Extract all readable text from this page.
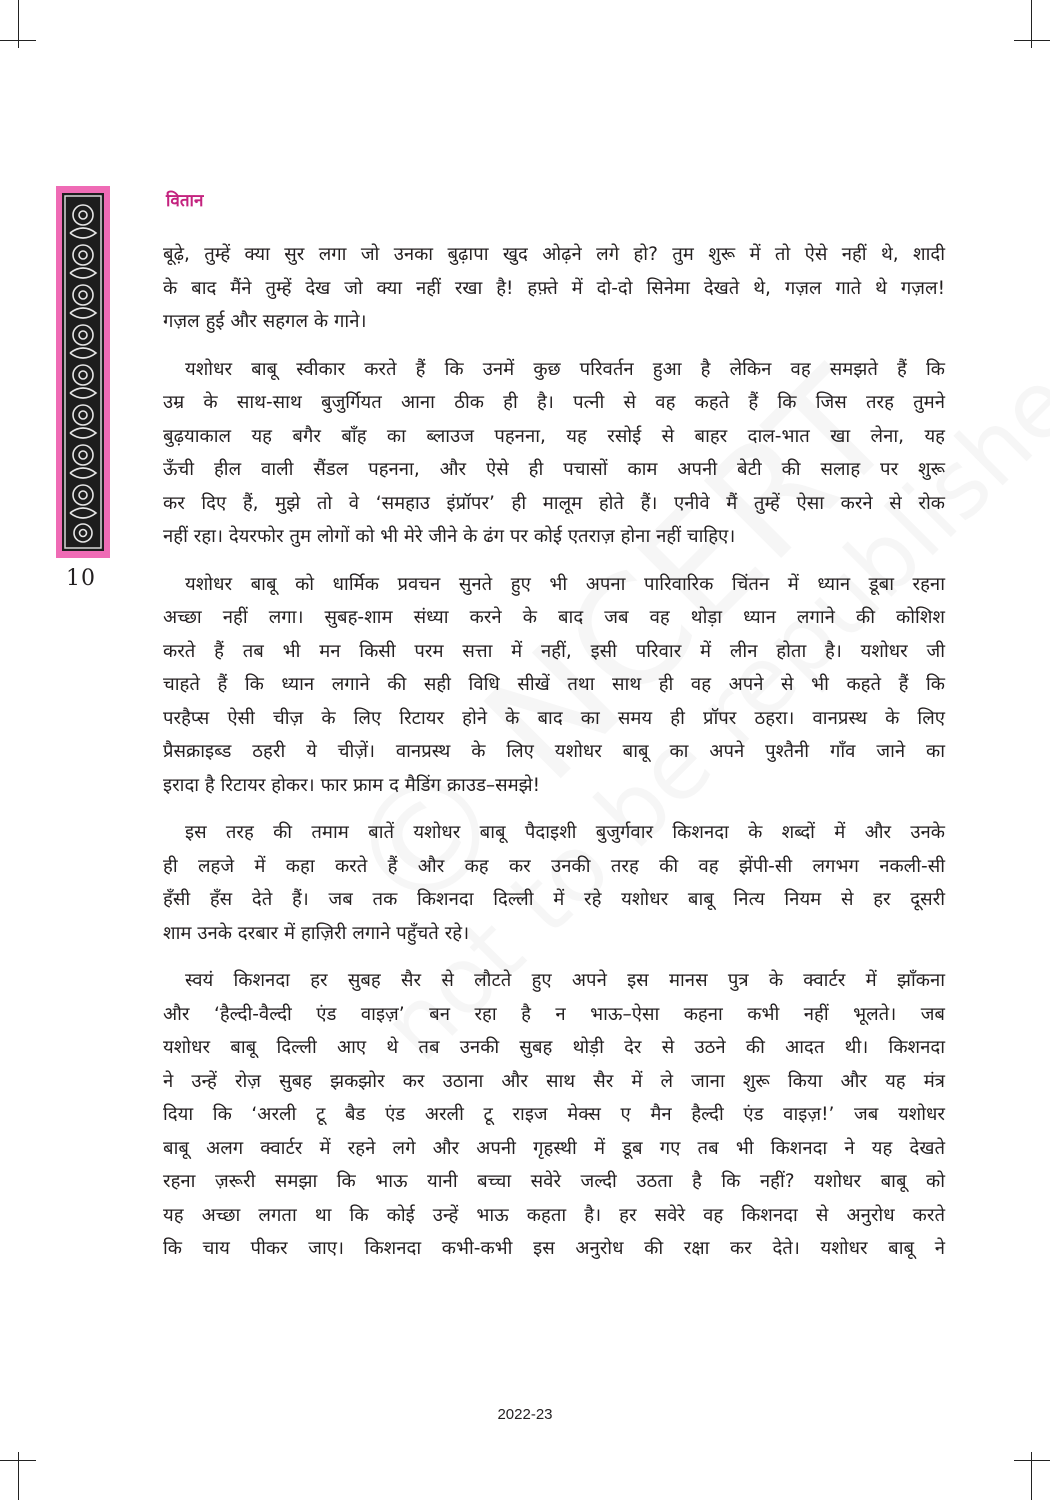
वितान
10

बूढ़े, तुम्हें क्या सुर लगा जो उनका बुढ़ापा खुद ओढ़ने लगे हो? तुम शुरू में तो ऐसे नहीं थे, शादी
के बाद मैंने तुम्हें देख जो क्या नहीं रखा है! हफ़्ते में दो-दो सिनेमा देखते थे, गज़ल गाते थे गज़ल!
गज़ल हुई और सहगल के गाने।

यशोधर बाबू स्वीकार करते हैं कि उनमें कुछ परिवर्तन हुआ है लेकिन वह समझते हैं कि
उम्र के साथ-साथ बुजुर्गियत आना ठीक ही है। पत्नी से वह कहते हैं कि जिस तरह तुमने
बुढ़याकाल यह बगैर बाँह का ब्लाउज पहनना, यह रसोई से बाहर दाल-भात खा लेना, यह
ऊँची हील वाली सैंडल पहनना, और ऐसे ही पचासों काम अपनी बेटी की सलाह पर शुरू
कर दिए हैं, मुझे तो वे ‘समहाउ इंप्रॉपर’ ही मालूम होते हैं। एनीवे मैं तुम्हें ऐसा करने से रोक
नहीं रहा। देयरफोर तुम लोगों को भी मेरे जीने के ढंग पर कोई एतराज़ होना नहीं चाहिए।

यशोधर बाबू को धार्मिक प्रवचन सुनते हुए भी अपना पारिवारिक चिंतन में ध्यान डूबा रहना
अच्छा नहीं लगा। सुबह-शाम संध्या करने के बाद जब वह थोड़ा ध्यान लगाने की कोशिश
करते हैं तब भी मन किसी परम सत्ता में नहीं, इसी परिवार में लीन होता है। यशोधर जी
चाहते हैं कि ध्यान लगाने की सही विधि सीखें तथा साथ ही वह अपने से भी कहते हैं कि
परहैप्स ऐसी चीज़ के लिए रिटायर होने के बाद का समय ही प्रॉपर ठहरा। वानप्रस्थ के लिए
प्रैसक्राइब्ड ठहरी ये चीज़ें। वानप्रस्थ के लिए यशोधर बाबू का अपने पुश्तैनी गाँव जाने का
इरादा है रिटायर होकर। फार फ्राम द मैडिंग क्राउड–समझे!

इस तरह की तमाम बातें यशोधर बाबू पैदाइशी बुजुर्गवार किशनदा के शब्दों में और उनके
ही लहजे में कहा करते हैं और कह कर उनकी तरह की वह झेंपी-सी लगभग नकली-सी
हँसी हँस देते हैं। जब तक किशनदा दिल्ली में रहे यशोधर बाबू नित्य नियम से हर दूसरी
शाम उनके दरबार में हाज़िरी लगाने पहुँचते रहे।

स्वयं किशनदा हर सुबह सैर से लौटते हुए अपने इस मानस पुत्र के क्वार्टर में झाँकना
और ‘हैल्दी-वैल्दी एंड वाइज़’ बन रहा है न भाऊ–ऐसा कहना कभी नहीं भूलते। जब
यशोधर बाबू दिल्ली आए थे तब उनकी सुबह थोड़ी देर से उठने की आदत थी। किशनदा
ने उन्हें रोज़ सुबह झकझोर कर उठाना और साथ सैर में ले जाना शुरू किया और यह मंत्र
दिया कि ‘अरली टू बैड एंड अरली टू राइज मेक्स ए मैन हैल्दी एंड वाइज़!’ जब यशोधर
बाबू अलग क्वार्टर में रहने लगे और अपनी गृहस्थी में डूब गए तब भी किशनदा ने यह देखते
रहना ज़रूरी समझा कि भाऊ यानी बच्चा सवेरे जल्दी उठता है कि नहीं? यशोधर बाबू को
यह अच्छा लगता था कि कोई उन्हें भाऊ कहता है। हर सवेरे वह किशनदा से अनुरोध करते
कि चाय पीकर जाए। किशनदा कभी-कभी इस अनुरोध की रक्षा कर देते। यशोधर बाबू ने

2022-23
